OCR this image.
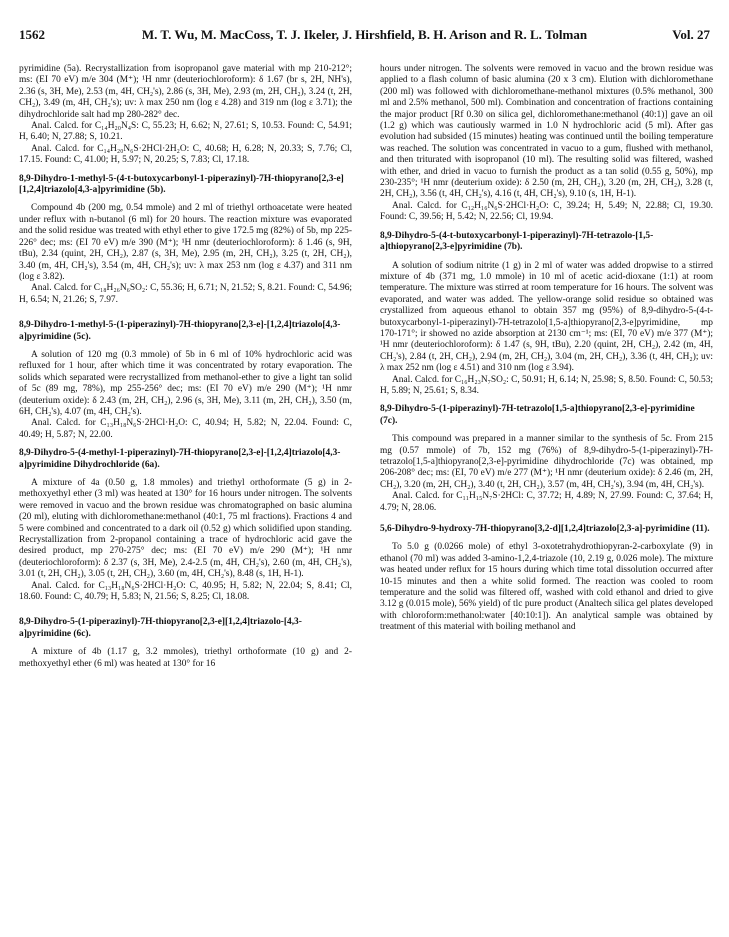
1562	M. T. Wu, M. MacCoss, T. J. Ikeler, J. Hirshfield, B. H. Arison and R. L. Tolman	Vol. 27

pyrimidine (5a). Recrystallization from isopropanol gave material with mp 210-212°; ms: (EI 70 eV) m/e 304 (M⁺); ¹H nmr (deuteriochloroform): δ 1.67 (br s, 2H, NH's), 2.36 (s, 3H, Me), 2.53 (m, 4H, CH₂'s), 2.86 (s, 3H, Me), 2.93 (m, 2H, CH₂), 3.24 (t, 2H, CH₂), 3.49 (m, 4H, CH₂'s); uv: λ max 250 nm (log ε 4.28) and 319 nm (log ε 3.71); the dihydrochloride salt had mp 280-282° dec.

Anal. Calcd. for C₁₄H₂₀N₄S: C, 55.23; H, 6.62; N, 27.61; S, 10.53. Found: C, 54.91; H, 6.40; N, 27.88; S, 10.21.

Anal. Calcd. for C₁₄H₂₀N₆S·2HCl·2H₂O: C, 40.68; H, 6.28; N, 20.33; S, 7.76; Cl, 17.15. Found: C, 41.00; H, 5.97; N, 20.25; S, 7.83; Cl, 17.18.

8,9-Dihydro-1-methyl-5-(4-t-butoxycarbonyl-1-piperazinyl)-7H-thiopyrano[2,3-e][1,2,4]triazolo[4,3-a]pyrimidine (5b).

Compound 4b (200 mg, 0.54 mmole) and 2 ml of triethyl orthoacetate were heated under reflux with n-butanol (6 ml) for 20 hours. The reaction mixture was evaporated and the solid residue was treated with ethyl ether to give 172.5 mg (82%) of 5b, mp 225-226° dec; ms: (EI 70 eV) m/e 390 (M⁺); ¹H nmr (deuteriochloroform): δ 1.46 (s, 9H, tBu), 2.34 (quint, 2H, CH₂), 2.87 (s, 3H, Me), 2.95 (m, 2H, CH₂), 3.25 (t, 2H, CH₂), 3.40 (m, 4H, CH₂'s), 3.54 (m, 4H, CH₂'s); uv: λ max 253 nm (log ε 4.37) and 311 nm (log ε 3.82).

Anal. Calcd. for C₁₈H₂₆N₆SO₂: C, 55.36; H, 6.71; N, 21.52; S, 8.21. Found: C, 54.96; H, 6.54; N, 21.26; S, 7.97.

8,9-Dihydro-1-methyl-5-(1-piperazinyl)-7H-thiopyrano[2,3-e]-[1,2,4]triazolo[4,3-a]pyrimidine (5c).

A solution of 120 mg (0.3 mmole) of 5b in 6 ml of 10% hydrochloric acid was refluxed for 1 hour, after which time it was concentrated by rotary evaporation. The solids which separated were recrystallized from methanol-ether to give a light tan solid of 5c (89 mg, 78%), mp 255-256° dec; ms: (EI 70 eV) m/e 290 (M⁺); ¹H nmr (deuterium oxide): δ 2.43 (m, 2H, CH₂), 2.96 (s, 3H, Me), 3.11 (m, 2H, CH₂), 3.50 (m, 6H, CH₂'s), 4.07 (m, 4H, CH₂'s).

Anal. Calcd. for C₁₃H₁₈N₆S·2HCl·H₂O: C, 40.94; H, 5.82; N, 22.04. Found: C, 40.49; H, 5.87; N, 22.00.

8,9-Dihydro-5-(4-methyl-1-piperazinyl)-7H-thiopyrano[2,3-e]-[1,2,4]triazolo[4,3-a]pyrimidine Dihydrochloride (6a).

A mixture of 4a (0.50 g, 1.8 mmoles) and triethyl orthoformate (5 g) in 2-methoxyethyl ether (3 ml) was heated at 130° for 16 hours under nitrogen. The solvents were removed in vacuo and the brown residue was chromatographed on basic alumina (20 ml), eluting with dichloromethane:methanol (40:1, 75 ml fractions). Fractions 4 and 5 were combined and concentrated to a dark oil (0.52 g) which solidified upon standing. Recrystallization from 2-propanol containing a trace of hydrochloric acid gave the desired product, mp 270-275° dec; ms: (EI 70 eV) m/e 290 (M⁺); ¹H nmr (deuteriochloroform): δ 2.37 (s, 3H, Me), 2.4-2.5 (m, 4H, CH₂'s), 2.60 (m, 4H, CH₂'s), 3.01 (t, 2H, CH₂), 3.05 (t, 2H, CH₂), 3.60 (m, 4H, CH₂'s), 8.48 (s, 1H, H-1).

Anal. Calcd. for C₁₃H₁₈N₆S·2HCl·H₂O: C, 40.95; H, 5.82; N, 22.04; S, 8.41; Cl, 18.60. Found: C, 40.79; H, 5.83; N, 21.56; S, 8.25; Cl, 18.08.

8,9-Dihydro-5-(1-piperazinyl)-7H-thiopyrano[2,3-e][1,2,4]triazolo-[4,3-a]pyrimidine (6c).

A mixture of 4b (1.17 g, 3.2 mmoles), triethyl orthoformate (10 g) and 2-methoxyethyl ether (6 ml) was heated at 130° for 16

hours under nitrogen. The solvents were removed in vacuo and the brown residue was applied to a flash column of basic alumina (20 x 3 cm). Elution with dichloromethane (200 ml) was followed with dichloromethane-methanol mixtures (0.5% methanol, 300 ml and 2.5% methanol, 500 ml). Combination and concentration of fractions containing the major product [Rf 0.30 on silica gel, dichloromethane:methanol (40:1)] gave an oil (1.2 g) which was cautiously warmed in 1.0 N hydrochloric acid (5 ml). After gas evolution had subsided (15 minutes) heating was continued until the boiling temperature was reached. The solution was concentrated in vacuo to a gum, flushed with methanol, and then triturated with isopropanol (10 ml). The resulting solid was filtered, washed with ether, and dried in vacuo to furnish the product as a tan solid (0.55 g, 50%), mp 230-235°; ¹H nmr (deuterium oxide): δ 2.50 (m, 2H, CH₂), 3.20 (m, 2H, CH₂), 3.28 (t, 2H, CH₂), 3.56 (t, 4H, CH₂'s), 4.16 (t, 4H, CH₂'s), 9.10 (s, 1H, H-1).

Anal. Calcd. for C₁₂H₁₆N₆S·2HCl·H₂O: C, 39.24; H, 5.49; N, 22.88; Cl, 19.30. Found: C, 39.56; H, 5.42; N, 22.56; Cl, 19.94.

8,9-Dihydro-5-(4-t-butoxycarbonyl-1-piperazinyl)-7H-tetrazolo-[1,5-a]thiopyrano[2,3-e]pyrimidine (7b).

A solution of sodium nitrite (1 g) in 2 ml of water was added dropwise to a stirred mixture of 4b (371 mg, 1.0 mmole) in 10 ml of acetic acid-dioxane (1:1) at room temperature. The mixture was stirred at room temperature for 16 hours. The solvent was evaporated, and water was added. The yellow-orange solid residue so obtained was crystallized from aqueous ethanol to obtain 357 mg (95%) of 8,9-dihydro-5-(4-t-butoxycarbonyl-1-piperazinyl)-7H-tetrazolo[1,5-a]thiopyrano[2,3-e]pyrimidine, mp 170-171°; ir showed no azide absorption at 2130 cm⁻¹; ms: (EI, 70 eV) m/e 377 (M⁺); ¹H nmr (deuteriochloroform): δ 1.47 (s, 9H, tBu), 2.20 (quint, 2H, CH₂), 2.42 (m, 4H, CH₂'s), 2.84 (t, 2H, CH₂), 2.94 (m, 2H, CH₂), 3.04 (m, 2H, CH₂), 3.36 (t, 4H, CH₂); uv: λ max 252 nm (log ε 4.51) and 310 nm (log ε 3.94).

Anal. Calcd. for C₁₆H₂₃N₇SO₂: C, 50.91; H, 6.14; N, 25.98; S, 8.50. Found: C, 50.53; H, 5.89; N, 25.61; S, 8.34.

8,9-Dihydro-5-(1-piperazinyl)-7H-tetrazolo[1,5-a]thiopyrano[2,3-e]-pyrimidine (7c).

This compound was prepared in a manner similar to the synthesis of 5c. From 215 mg (0.57 mmole) of 7b, 152 mg (76%) of 8,9-dihydro-5-(1-piperazinyl)-7H-tetrazolo[1,5-a]thiopyrano[2,3-e]-pyrimidine dihydrochloride (7c) was obtained, mp 206-208° dec; ms: (EI, 70 eV) m/e 277 (M⁺); ¹H nmr (deuterium oxide): δ 2.46 (m, 2H, CH₂), 3.20 (m, 2H, CH₂), 3.40 (t, 2H, CH₂), 3.57 (m, 4H, CH₂'s), 3.94 (m, 4H, CH₂'s).

Anal. Calcd. for C₁₁H₁₅N₇S·2HCl: C, 37.72; H, 4.89; N, 27.99. Found: C, 37.64; H, 4.79; N, 28.06.

5,6-Dihydro-9-hydroxy-7H-thiopyrano[3,2-d][1,2,4]triazolo[2,3-a]-pyrimidine (11).

To 5.0 g (0.0266 mole) of ethyl 3-oxotetrahydrothiopyran-2-carboxylate (9) in ethanol (70 ml) was added 3-amino-1,2,4-triazole (10, 2.19 g, 0.026 mole). The mixture was heated under reflux for 15 hours during which time total dissolution occurred after 10-15 minutes and then a white solid formed. The reaction was cooled to room temperature and the solid was filtered off, washed with cold ethanol and dried to give 3.12 g (0.015 mole), 56% yield) of tlc pure product (Analtech silica gel plates developed with chloroform:methanol:water [40:10:1]). An analytical sample was obtained by treatment of this material with boiling methanol and
